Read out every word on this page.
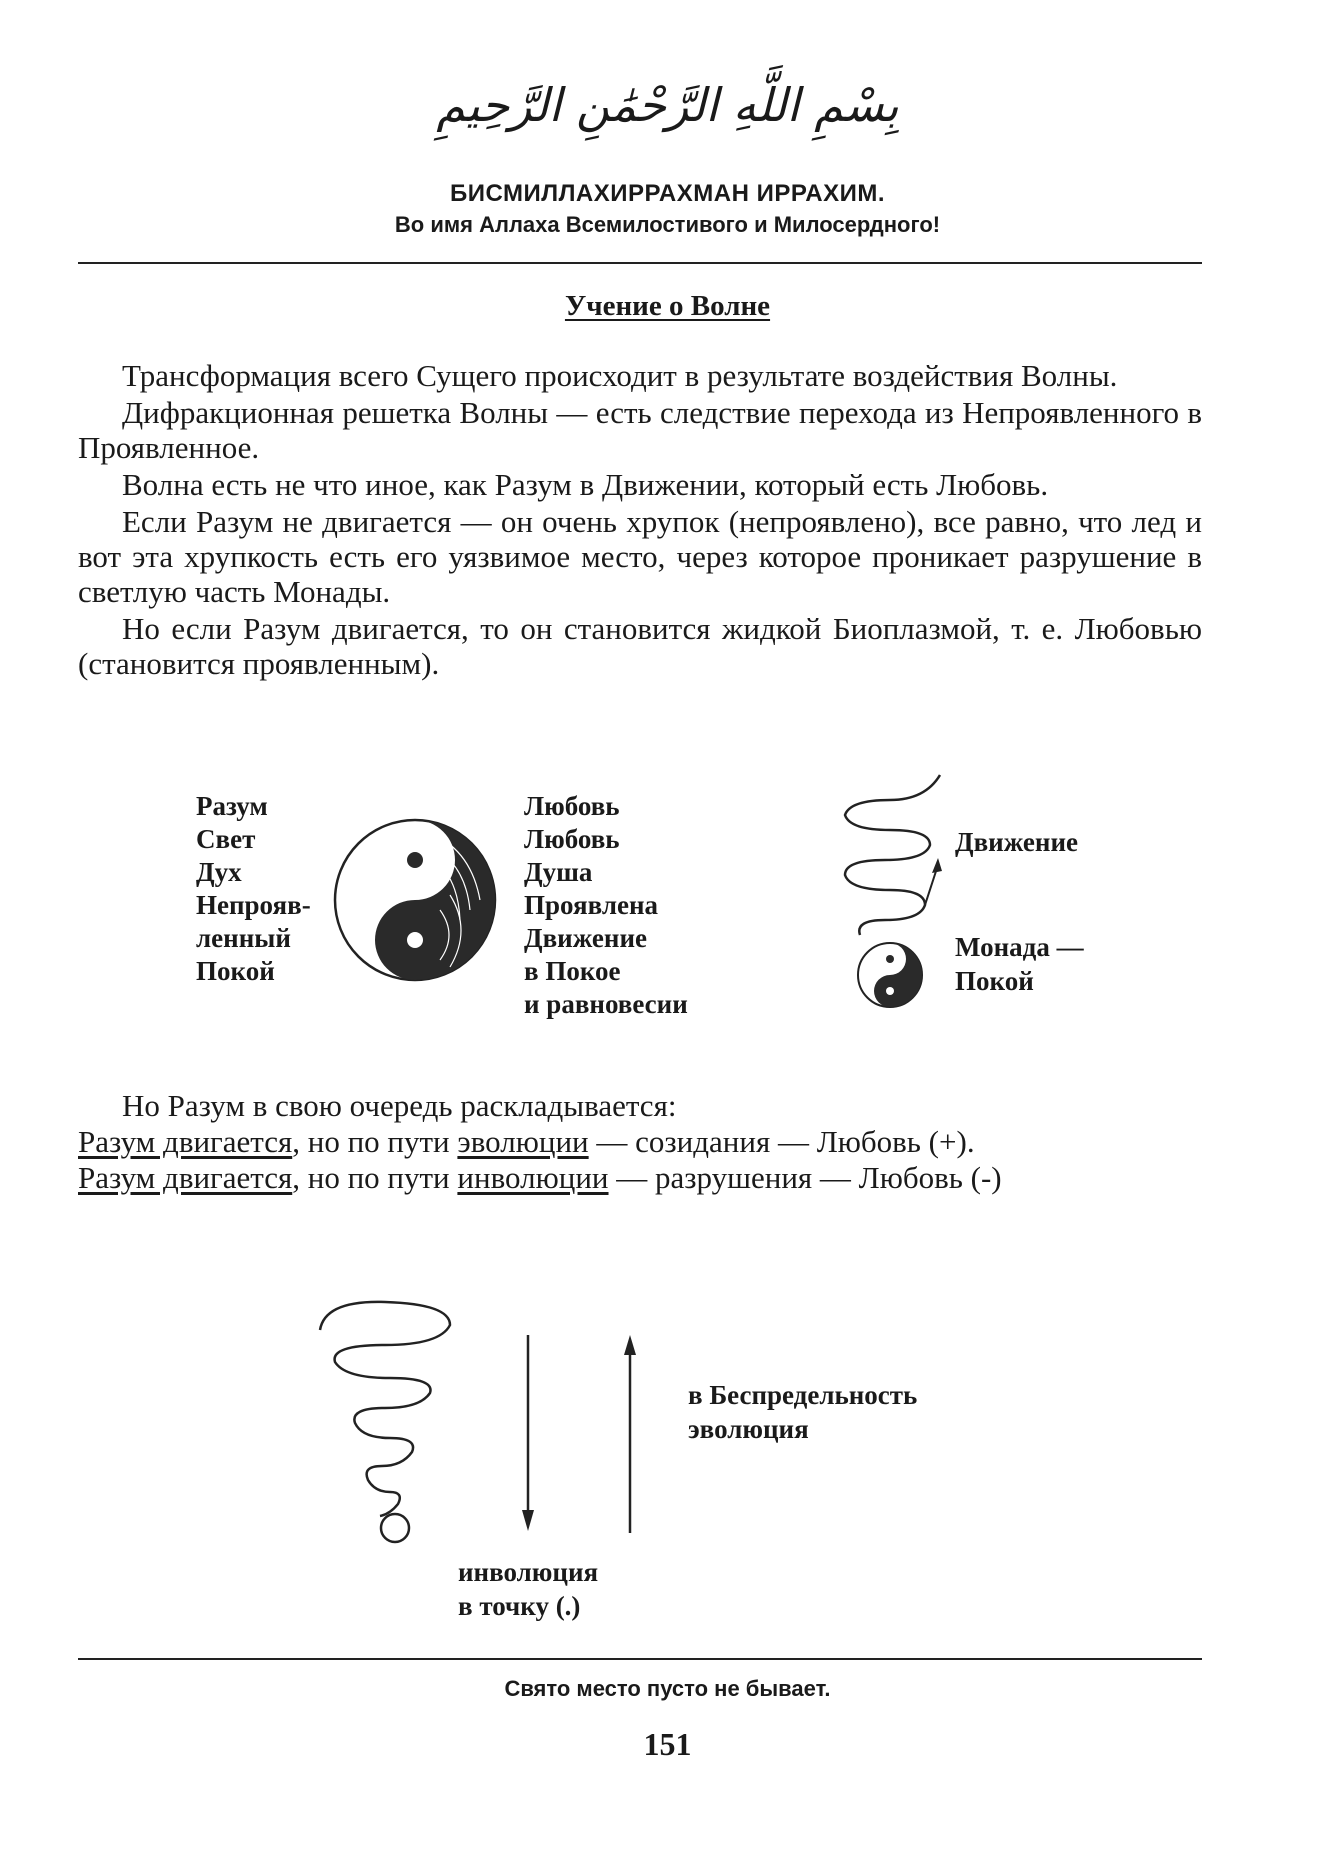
بِسْمِ اللَّهِ الرَّحْمَٰنِ الرَّحِيمِ
БИСМИЛЛАХИРРАХМАН ИРРАХИМ.
Во имя Аллаха Всемилостивого и Милосердного!
Учение о Волне

Трансформация всего Сущего происходит в результате воздействия Волны.

Дифракционная решетка Волны — есть следствие перехода из Непроявленного в Проявленное.

Волна есть не что иное, как Разум в Движении, который есть Любовь.

Если Разум не двигается — он очень хрупок (непроявлено), все равно, что лед и вот эта хрупкость есть его уязвимое место, через которое проникает разрушение в светлую часть Монады.

Но если Разум двигается, то он становится жидкой Биоплазмой, т. е. Любовью (становится проявленным).

Разум
Свет
Дух
Непрояв-
ленный
Покой
Любовь
Любовь
Душа
Проявлена
Движение
в Покое
и равновесии
Движение
Монада —
Покой
Но Разум в свою очередь раскладывается:
Разум двигается, но по пути эволюции — созидания — Любовь (+).
Разум двигается, но по пути инволюции — разрушения — Любовь (-)
в Беспредельность
эволюция
инволюция
в точку (.)
Свято место пусто не бывает.
151
